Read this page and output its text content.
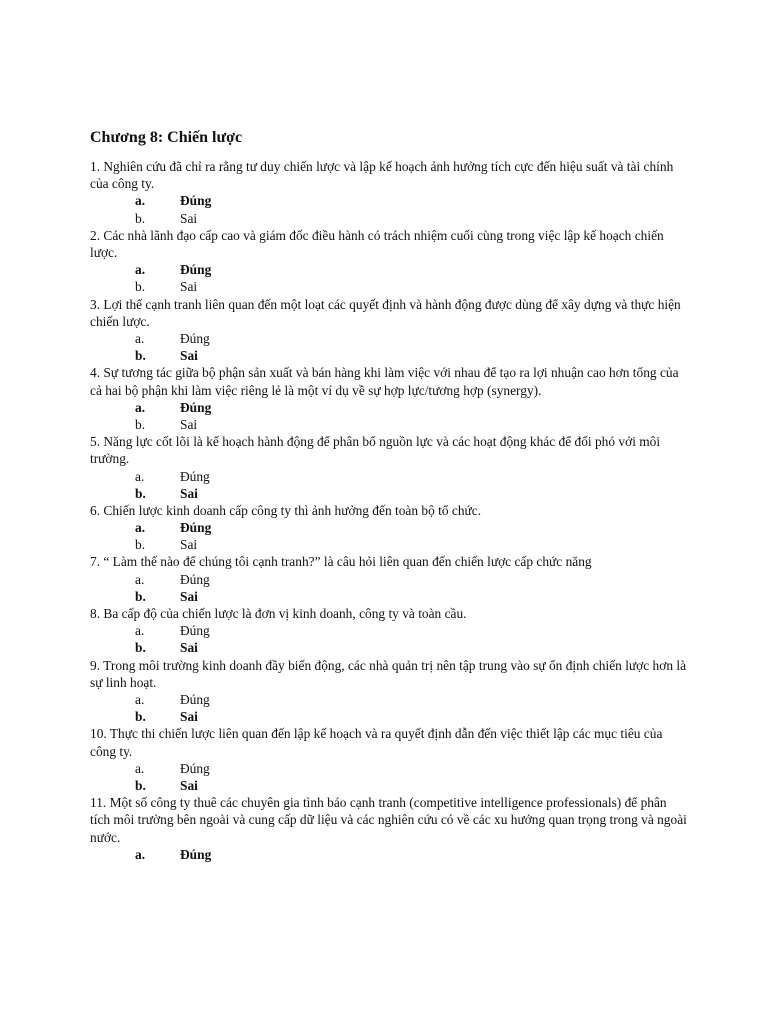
Chương 8: Chiến lược

1. Nghiên cứu đã chỉ ra rằng tư duy chiến lược và lập kế hoạch ảnh hưởng tích cực đến hiệu suất và tài chính của công ty.

a.	Đúng
b.	Sai

2. Các nhà lãnh đạo cấp cao và giám đốc điều hành có trách nhiệm cuối cùng trong việc lập kế hoạch chiến lược.

a.	Đúng
b.	Sai

3. Lợi thế cạnh tranh liên quan đến một loạt các quyết định và hành động được dùng để xây dựng và thực hiện chiến lược.

a.	Đúng
b.	Sai

4. Sự tương tác giữa bộ phận sản xuất và bán hàng khi làm việc với nhau để tạo ra lợi nhuận cao hơn tổng của cả hai bộ phận khi làm việc riêng lẻ là một ví dụ về sự hợp lực/tương hợp (synergy).

a.	Đúng
b.	Sai

5. Năng lực cốt lõi là kế hoạch hành động để phân bổ nguồn lực và các hoạt động khác để đối phó với môi trường.

a.	Đúng
b.	Sai

6. Chiến lược kinh doanh cấp công ty thì ảnh hưởng đến toàn bộ tổ chức.

a.	Đúng
b.	Sai

7. “ Làm thế nào để chúng tôi cạnh tranh?” là câu hỏi liên quan đến chiến lược cấp chức năng

a.	Đúng
b.	Sai

8. Ba cấp độ của chiến lược là đơn vị kinh doanh, công ty và toàn cầu.

a.	Đúng
b.	Sai

9. Trong môi trường kinh doanh đầy biến động, các nhà quản trị nên tập trung vào sự ổn định chiến lược hơn là sự linh hoạt.

a.	Đúng
b.	Sai

10. Thực thi chiến lược liên quan đến lập kế hoạch và ra quyết định dẫn đến việc thiết lập các mục tiêu của công ty.

a.	Đúng
b.	Sai

11. Một số công ty thuê các chuyên gia tình báo cạnh tranh (competitive intelligence professionals) để phân tích môi trường bên ngoài và cung cấp dữ liệu và các nghiên cứu có về các xu hướng quan trọng trong và ngoài nước.

a.	Đúng
